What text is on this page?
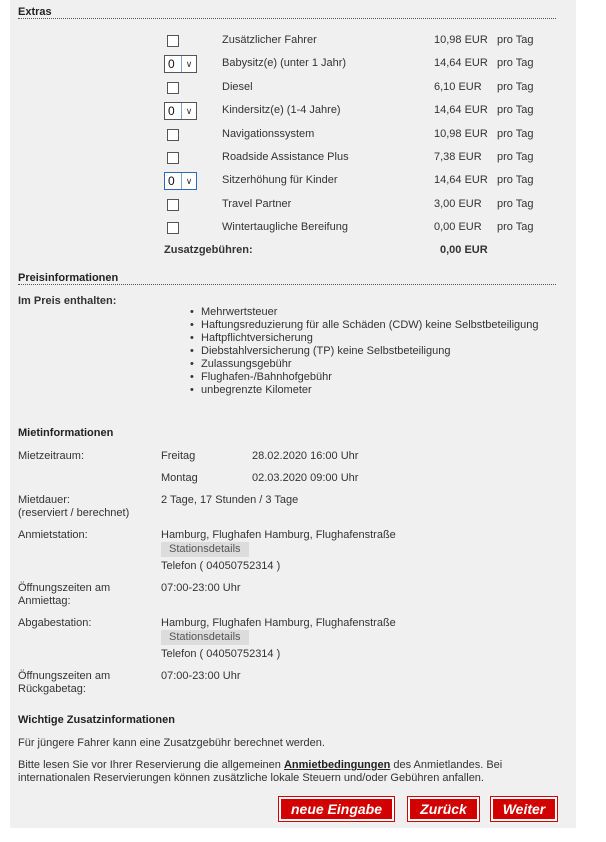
Extras
Zusätzlicher Fahrer	10,98 EUR pro Tag
0	∨	Babysitz(e) (unter 1 Jahr)	14,64 EUR pro Tag
Diesel	6,10 EUR pro Tag
0	∨	Kindersitz(e) (1-4 Jahre)	14,64 EUR pro Tag
Navigationssystem	10,98 EUR pro Tag
Roadside Assistance Plus	7,38 EUR pro Tag
0	∨	Sitzerhöhung für Kinder	14,64 EUR pro Tag
Travel Partner	3,00 EUR pro Tag
Wintertaugliche Bereifung	0,00 EUR pro Tag
Zusatzgebühren:	0,00 EUR
Preisinformationen
Im Preis enthalten:
• Mehrwertsteuer
• Haftungsreduzierung für alle Schäden (CDW) keine Selbstbeteiligung
• Haftpflichtversicherung
• Diebstahlversicherung (TP) keine Selbstbeteiligung
• Zulassungsgebühr
• Flughafen-/Bahnhofgebühr
• unbegrenzte Kilometer
Mietinformationen
Mietzeitraum:	Freitag	28.02.2020 16:00 Uhr
Montag	02.03.2020 09:00 Uhr
Mietdauer:
(reserviert / berechnet)
2 Tage, 17 Stunden / 3 Tage
Anmietstation:	Hamburg, Flughafen Hamburg, Flughafenstraße
Stationsdetails
Telefon ( 04050752314 )
Öffnungszeiten am
Anmiettag:
07:00-23:00 Uhr
Abgabestation:	Hamburg, Flughafen Hamburg, Flughafenstraße
Stationsdetails
Telefon ( 04050752314 )
Öffnungszeiten am
Rückgabetag:
07:00-23:00 Uhr
Wichtige Zusatzinformationen
Für jüngere Fahrer kann eine Zusatzgebühr berechnet werden.
Bitte lesen Sie vor Ihrer Reservierung die allgemeinen Anmietbedingungen des Anmietlandes. Bei
internationalen Reservierungen können zusätzliche lokale Steuern und/oder Gebühren anfallen.
neue Eingabe	Zurück	Weiter
